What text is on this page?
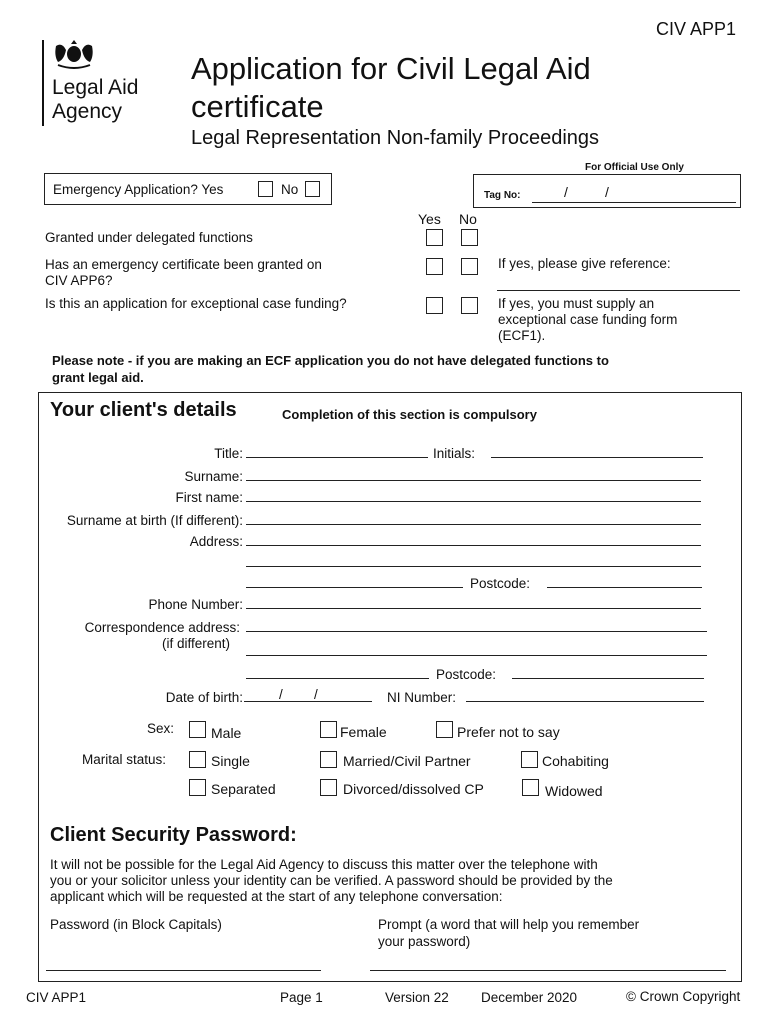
CIV APP1
Legal Aid
Agency
Application for Civil Legal Aid
certificate
Legal Representation Non-family Proceedings
For Official Use Only
Tag No:	/	/
Emergency Application? Yes	No
Yes No
Granted under delegated functions
Has an emergency certificate been granted on
CIV APP6?
If yes, please give reference:
Is this an application for exceptional case funding?	If yes, you must supply an
exceptional case funding form
(ECF1).
Please note - if you are making an ECF application you do not have delegated functions to
grant legal aid.
Your client's details	Completion of this section is compulsory
Title:	Initials:
Surname:
First name:
Surname at birth (If different):
Address:
Postcode:
Phone Number:
Correspondence address:
(if different)
Postcode:
Date of birth:	/ /	NI Number:
Sex:	Male	Female	Prefer not to say
Marital status:	Single	Married/Civil Partner	Cohabiting
Separated	Divorced/dissolved CP	Widowed
Client Security Password:
It will not be possible for the Legal Aid Agency to discuss this matter over the telephone with
you or your solicitor unless your identity can be verified. A password should be provided by the
applicant which will be requested at the start of any telephone conversation:
Password (in Block Capitals)	Prompt (a word that will help you remember
your password)
CIV APP1	Page 1	Version 22 December 2020	© Crown Copyright
